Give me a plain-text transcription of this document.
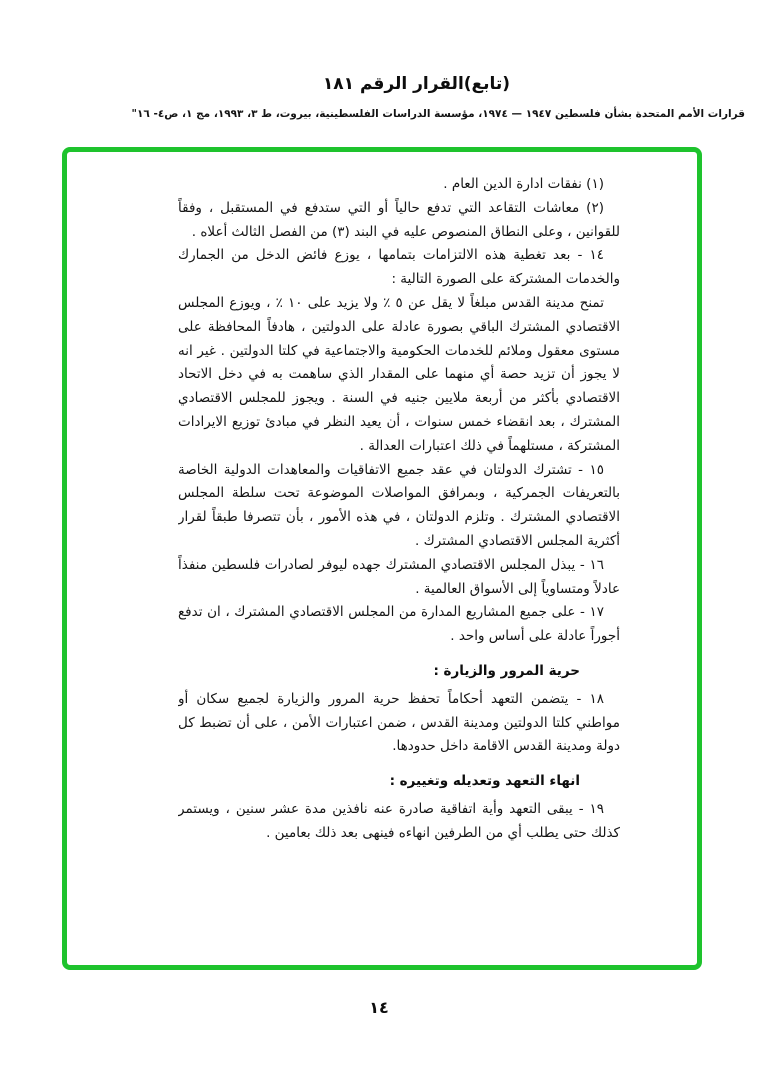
(تابع)القرار الرقم ١٨١
قرارات الأمم المتحدة بشأن فلسطين ١٩٤٧ — ١٩٧٤، مؤسسة الدراسات الفلسطينية، بيروت، ط ٣، ١٩٩٣، مج ١، ص٤- ١٦"

(١) نفقات ادارة الدين العام .

(٢) معاشات التقاعد التي تدفع حالياً أو التي ستدفع في المستقبل ، وفقاً للقوانين ، وعلى النطاق المنصوص عليه في البند (٣) من الفصل الثالث أعلاه .

١٤ - بعد تغطية هذه الالتزامات بتمامها ، يوزع فائض الدخل من الجمارك والخدمات المشتركة على الصورة التالية :

تمنح مدينة القدس مبلغاً لا يقل عن ٥ ٪ ولا يزيد على ١٠ ٪ ، ويوزع المجلس الاقتصادي المشترك الباقي بصورة عادلة على الدولتين ، هادفاً المحافظة على مستوى معقول وملائم للخدمات الحكومية والاجتماعية في كلتا الدولتين . غير انه لا يجوز أن تزيد حصة أي منهما على المقدار الذي ساهمت به في دخل الاتحاد الاقتصادي بأكثر من أربعة ملايين جنيه في السنة . ويجوز للمجلس الاقتصادي المشترك ، بعد انقضاء خمس سنوات ، أن يعيد النظر في مبادئ توزيع الايرادات المشتركة ، مستلهماً في ذلك اعتبارات العدالة .

١٥ - تشترك الدولتان في عقد جميع الاتفاقيات والمعاهدات الدولية الخاصة بالتعريفات الجمركية ، وبمرافق المواصلات الموضوعة تحت سلطة المجلس الاقتصادي المشترك . وتلزم الدولتان ، في هذه الأمور ، بأن تتصرفا طبقاً لقرار أكثرية المجلس الاقتصادي المشترك .

١٦ - يبذل المجلس الاقتصادي المشترك جهده ليوفر لصادرات فلسطين منفذاً عادلاً ومتساوياً إلى الأسواق العالمية .

١٧ - على جميع المشاريع المدارة من المجلس الاقتصادي المشترك ، ان تدفع أجوراً عادلة على أساس واحد .

حرية المرور والزيارة :

١٨ - يتضمن التعهد أحكاماً تحفظ حرية المرور والزيارة لجميع سكان أو مواطني كلتا الدولتين ومدينة القدس ، ضمن اعتبارات الأمن ، على أن تضبط كل دولة ومدينة القدس الاقامة داخل حدودها.

انهاء التعهد وتعديله وتغييره :

١٩ - يبقى التعهد وأية اتفاقية صادرة عنه نافذين مدة عشر سنين ، ويستمر كذلك حتى يطلب أي من الطرفين انهاءه فينهى بعد ذلك بعامين .

١٤
